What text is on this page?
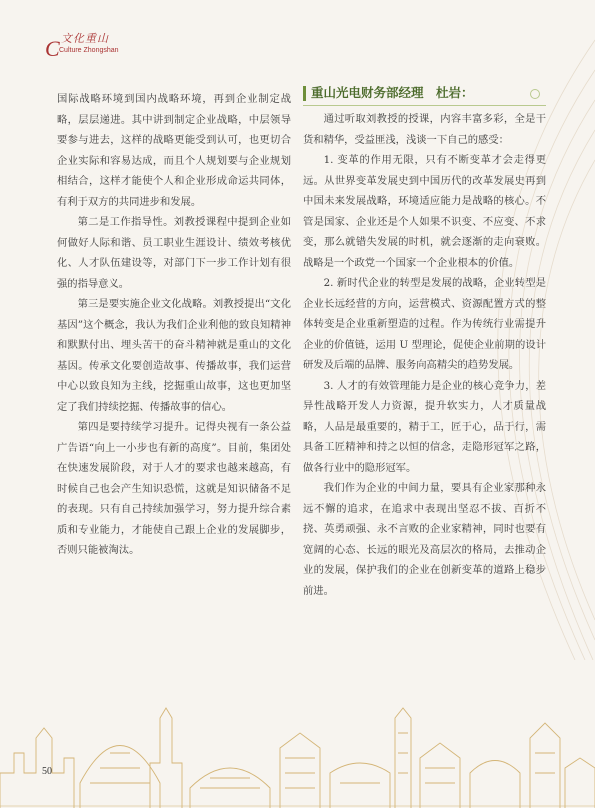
C 文化重山
Culture Zhongshan

国际战略环境到国内战略环境，再到企业制定战略，层层递进。其中讲到制定企业战略，中层领导要参与进去，这样的战略更能受到认可，也更切合企业实际和容易达成，而且个人规划要与企业规划相结合，这样才能使个人和企业形成命运共同体，有利于双方的共同进步和发展。

第二是工作指导性。刘教授课程中提到企业如何做好人际和谐、员工职业生涯设计、绩效考核优化、人才队伍建设等，对部门下一步工作计划有很强的指导意义。

第三是要实施企业文化战略。刘教授提出“文化基因”这个概念，我认为我们企业利他的致良知精神和默默付出、埋头苦干的奋斗精神就是重山的文化基因。传承文化要创造故事、传播故事，我们运营中心以致良知为主线，挖掘重山故事，这也更加坚定了我们持续挖掘、传播故事的信心。

第四是要持续学习提升。记得央视有一条公益广告语“向上一小步也有新的高度”。目前，集团处在快速发展阶段，对于人才的要求也越来越高，有时候自己也会产生知识恐慌，这就是知识储备不足的表现。只有自己持续加强学习，努力提升综合素质和专业能力，才能使自己跟上企业的发展脚步，否则只能被淘汰。

重山光电财务部经理　杜岩：

通过听取刘教授的授课，内容丰富多彩，全是干货和精华，受益匪浅，浅谈一下自己的感受：

1. 变革的作用无限，只有不断变革才会走得更远。从世界变革发展史到中国历代的改革发展史再到中国未来发展战略，环境适应能力是战略的核心。不管是国家、企业还是个人如果不识变、不应变、不求变，那么就错失发展的时机，就会逐渐的走向衰败。战略是一个政党一个国家一个企业根本的价值。

2. 新时代企业的转型是发展的战略，企业转型是企业长远经营的方向，运营模式、资源配置方式的整体转变是企业重新塑造的过程。作为传统行业需提升企业的价值链，运用 U 型理论，促使企业前期的设计研发及后端的品牌、服务向高精尖的趋势发展。

3. 人才的有效管理能力是企业的核心竞争力，差异性战略开发人力资源，提升软实力，人才质量战略，人品是最重要的，精于工，匠于心，品于行，需具备工匠精神和持之以恒的信念，走隐形冠军之路，做各行业中的隐形冠军。

我们作为企业的中间力量，要具有企业家那种永远不懈的追求，在追求中表现出坚忍不拔、百折不挠、英勇顽强、永不言败的企业家精神，同时也要有宽阔的心态、长远的眼光及高层次的格局，去推动企业的发展，保护我们的企业在创新变革的道路上稳步前进。

50
